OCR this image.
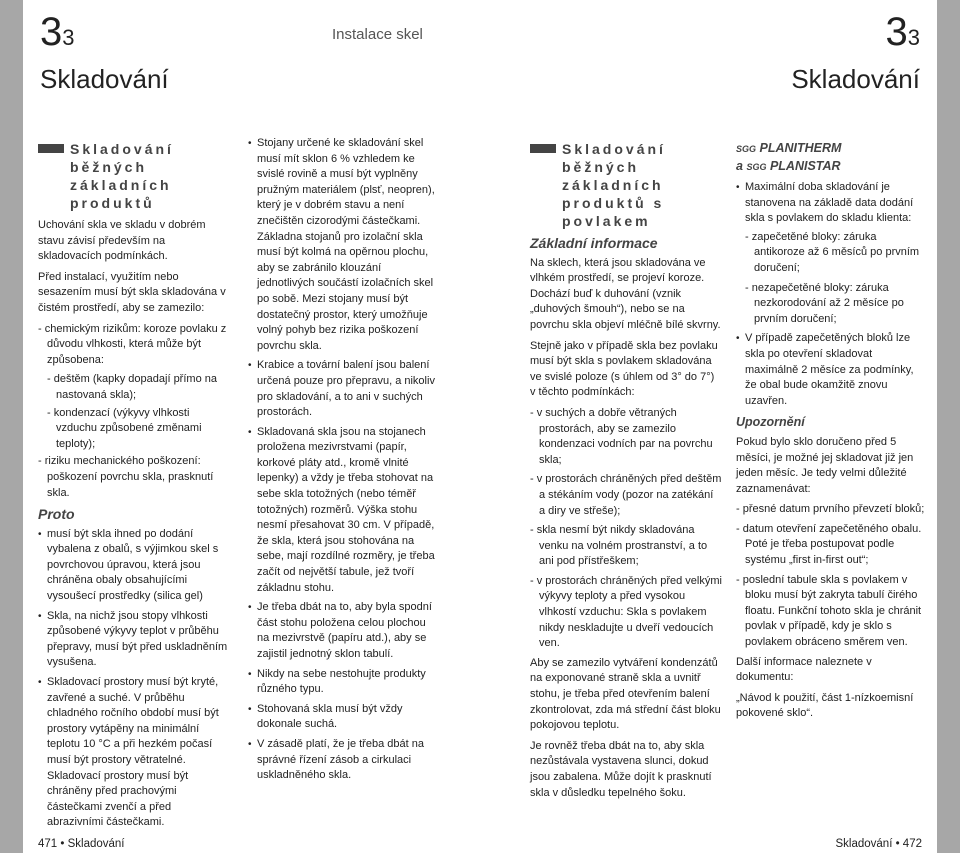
33
Skladování
Instalace skel	33
Skladování
Skladování běžných základních produktů

Uchování skla ve skladu v dobrém stavu závisí především na skladovacích podmínkách.

Před instalací, využitím nebo sesazením musí být skla skladována v čistém prostředí, aby se zamezilo:

- chemickým rizikům: koroze povlaku z důvodu vlhkosti, která může být způsobena:
- deštěm (kapky dopadají přímo na nastovaná skla);
- kondenzací (výkyvy vlhkosti vzduchu způsobené změnami teploty);
- riziku mechanického poškození: poškození povrchu skla, prasknutí skla.
Proto
• musí být skla ihned po dodání vybalena z obalů, s výjimkou skel s povrchovou úpravou, která jsou chráněna obaly obsahujícími vysoušecí prostředky (silica gel)
• Skla, na nichž jsou stopy vlhkosti způsobené výkyvy teplot v průběhu přepravy, musí být před uskladněním vysušena.
• Skladovací prostory musí být kryté, zavřené a suché. V průběhu chladného ročního období musí být prostory vytápěny na minimální teplotu 10 °C a při hezkém počasí musí být prostory větratelné. Skladovací prostory musí být chráněny před prachovými částečkami zvenčí a před abrazivními částečkami.
• Stojany určené ke skladování skel musí mít sklon 6 % vzhledem ke svislé rovině a musí být vyplněny pružným materiálem (plsť, neopren), který je v dobrém stavu a není znečištěn cizorodými částečkami. Základna stojanů pro izolační skla musí být kolmá na opěrnou plochu, aby se zabránilo klouzání jednotlivých součástí izolačních skel po sobě. Mezi stojany musí být dostatečný prostor, který umožňuje volný pohyb bez rizika poškození povrchu skla.
• Krabice a tovární balení jsou balení určená pouze pro přepravu, a nikoliv pro skladování, a to ani v suchých prostorách.
• Skladovaná skla jsou na stojanech proložena mezivrstvami (papír, korkové pláty atd., kromě vlnité lepenky) a vždy je třeba stohovat na sebe skla totožných (nebo téměř totožných) rozměrů. Výška stohu nesmí přesahovat 30 cm. V případě, že skla, která jsou stohována na sebe, mají rozdílné rozměry, je třeba začít od největší tabule, jež tvoří základnu stohu.
• Je třeba dbát na to, aby byla spodní část stohu položena celou plochou na mezivrstvě (papíru atd.), aby se zajistil jednotný sklon tabulí.
• Nikdy na sebe nestohujte produkty různého typu.
• Stohovaná skla musí být vždy dokonale suchá.
• V zásadě platí, že je třeba dbát na správné řízení zásob a cirkulaci uskladněného skla.
Skladování běžných základních produktů s povlakem
Základní informace

Na sklech, která jsou skladována ve vlhkém prostředí, se projeví koroze. Dochází buď k duhování (vznik „duhových šmouh“), nebo se na povrchu skla objeví mléčně bílé skvrny.

Stejně jako v případě skla bez povlaku musí být skla s povlakem skladována ve svislé poloze (s úhlem od 3° do 7°) v těchto podmínkách:

- v suchých a dobře větraných prostorách, aby se zamezilo kondenzaci vodních par na povrchu skla;
- v prostorách chráněných před deštěm a stékáním vody (pozor na zatékání a diry ve střeše);
- skla nesmí být nikdy skladována venku na volném prostranství, a to ani pod přístřeškem;
- v prostorách chráněných před velkými výkyvy teploty a před vysokou vlhkostí vzduchu: Skla s povlakem nikdy neskladujte u dveří vedoucích ven.

Aby se zamezilo vytváření kondenzátů na exponované straně skla a uvnitř stohu, je třeba před otevřením balení zkontrolovat, zda má střední část bloku pokojovou teplotu.

Je rovněž třeba dbát na to, aby skla nezůstávala vystavena slunci, dokud jsou zabalena. Může dojít k prasknutí skla v důsledku tepelného šoku.

SGG PLANITHERM
a SGG PLANISTAR
• Maximální doba skladování je stanovena na základě data dodání skla s povlakem do skladu klienta:
- zapečetěné bloky: záruka antikoroze až 6 měsíců po prvním doručení;
- nezapečetěné bloky: záruka nezkorodování až 2 měsíce po prvním doručení;
• V případě zapečetěných bloků lze skla po otevření skladovat maximálně 2 měsíce za podmínky, že obal bude okamžitě znovu uzavřen.
Upozornění

Pokud bylo sklo doručeno před 5 měsíci, je možné jej skladovat již jen jeden měsíc. Je tedy velmi důležité zaznamenávat:

- přesné datum prvního převzetí bloků;
- datum otevření zapečetěného obalu. Poté je třeba postupovat podle systému „first in-first out“;
- poslední tabule skla s povlakem v bloku musí být zakryta tabulí čirého floatu. Funkční tohoto skla je chránit povlak v případě, kdy je sklo s povlakem obráceno směrem ven.

Další informace naleznete v dokumentu:

„Návod k použití, část 1-nízkoemisní pokovené sklo“.

471 • Skladování	Skladování • 472
